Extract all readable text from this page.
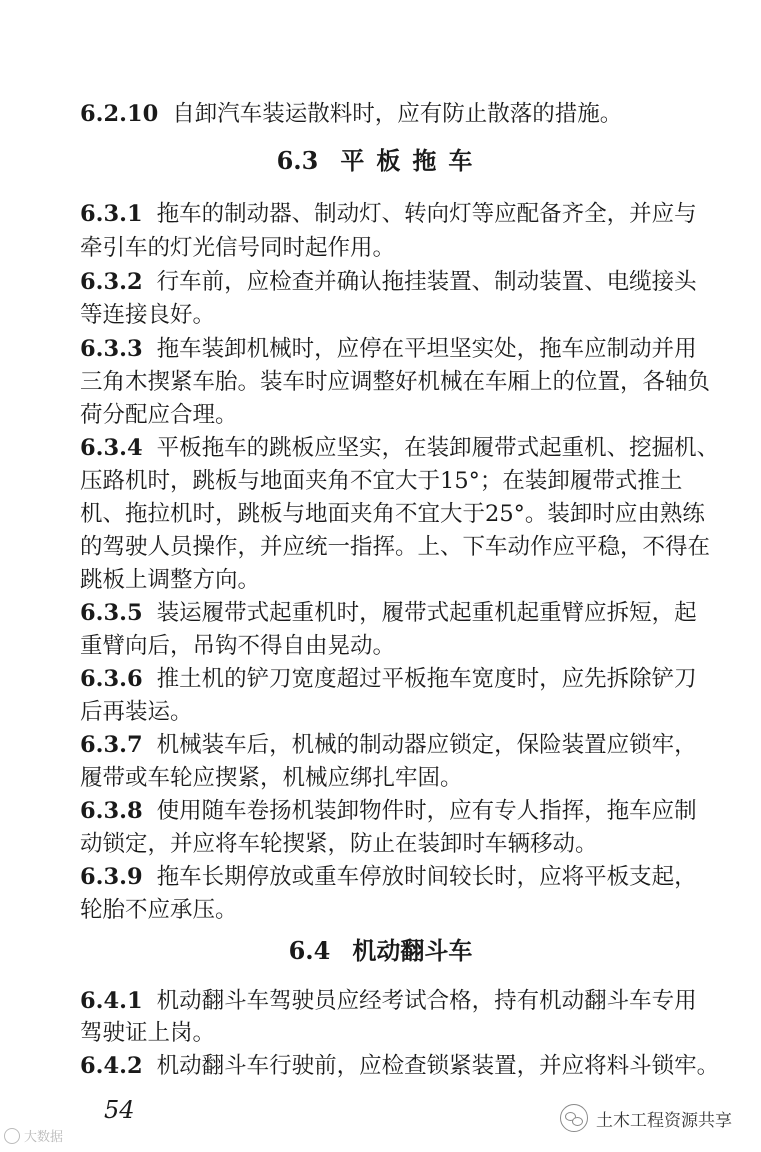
6.2.10 自卸汽车装运散料时，应有防止散落的措施。
6.3 平板拖车
6.3.1 拖车的制动器、制动灯、转向灯等应配备齐全，并应与
牵引车的灯光信号同时起作用。
6.3.2 行车前，应检查并确认拖挂装置、制动装置、电缆接头
等连接良好。
6.3.3 拖车装卸机械时，应停在平坦坚实处，拖车应制动并用
三角木揳紧车胎。装车时应调整好机械在车厢上的位置，各轴负
荷分配应合理。
6.3.4 平板拖车的跳板应坚实，在装卸履带式起重机、挖掘机、
压路机时，跳板与地面夹角不宜大于15°；在装卸履带式推土
机、拖拉机时，跳板与地面夹角不宜大于25°。装卸时应由熟练
的驾驶人员操作，并应统一指挥。上、下车动作应平稳，不得在
跳板上调整方向。
6.3.5 装运履带式起重机时，履带式起重机起重臂应拆短，起
重臂向后，吊钩不得自由晃动。
6.3.6 推土机的铲刀宽度超过平板拖车宽度时，应先拆除铲刀
后再装运。
6.3.7 机械装车后，机械的制动器应锁定，保险装置应锁牢，
履带或车轮应揳紧，机械应绑扎牢固。
6.3.8 使用随车卷扬机装卸物件时，应有专人指挥，拖车应制
动锁定，并应将车轮揳紧，防止在装卸时车辆移动。
6.3.9 拖车长期停放或重车停放时间较长时，应将平板支起，
轮胎不应承压。
6.4 机动翻斗车
6.4.1 机动翻斗车驾驶员应经考试合格，持有机动翻斗车专用
驾驶证上岗。
6.4.2 机动翻斗车行驶前，应检查锁紧装置，并应将料斗锁牢。
54
大数据
土木工程资源共享
